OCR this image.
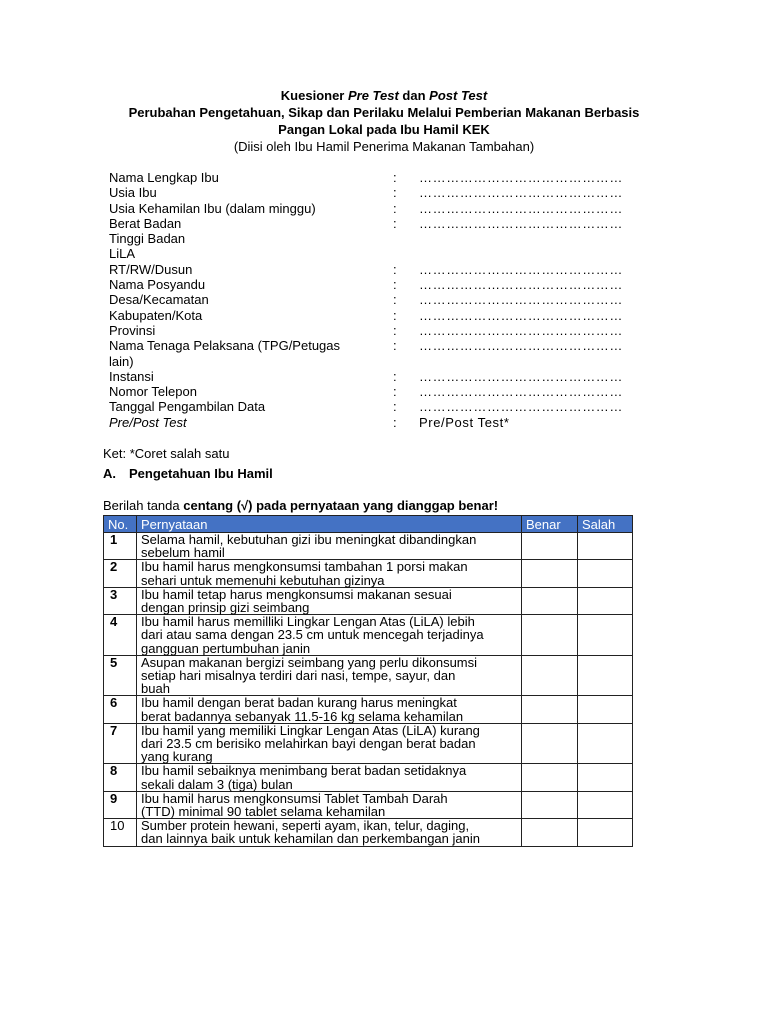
Kuesioner Pre Test dan Post Test
Perubahan Pengetahuan, Sikap dan Perilaku Melalui Pemberian Makanan Berbasis
Pangan Lokal pada Ibu Hamil KEK
(Diisi oleh Ibu Hamil Penerima Makanan Tambahan)
Nama Lengkap Ibu	:	………………………………………
Usia Ibu	:	………………………………………
Usia Kehamilan Ibu (dalam minggu)	:	………………………………………
Berat Badan	:	………………………………………
Tinggi Badan
LiLA
RT/RW/Dusun	:	………………………………………
Nama Posyandu	:	………………………………………
Desa/Kecamatan	:	………………………………………
Kabupaten/Kota	:	………………………………………
Provinsi	:	………………………………………
Nama Tenaga Pelaksana (TPG/Petugas	:	………………………………………
lain)
Instansi	:	………………………………………
Nomor Telepon	:	………………………………………
Tanggal Pengambilan Data	:	………………………………………
Pre/Post Test	:	Pre/Post Test*
Ket: *Coret salah satu
A. Pengetahuan Ibu Hamil
Berilah tanda centang (√) pada pernyataan yang dianggap benar!
No.	Pernyataan	Benar	Salah
1	Selama hamil, kebutuhan gizi ibu meningkat dibandingkan
sebelum hamil		

2	Ibu hamil harus mengkonsumsi tambahan 1 porsi makan
sehari untuk memenuhi kebutuhan gizinya		

3	Ibu hamil tetap harus mengkonsumsi makanan sesuai
dengan prinsip gizi seimbang		

4	Ibu hamil harus memilliki Lingkar Lengan Atas (LiLA) lebih
dari atau sama dengan 23.5 cm untuk mencegah terjadinya
gangguan pertumbuhan janin		

5	Asupan makanan bergizi seimbang yang perlu dikonsumsi
setiap hari misalnya terdiri dari nasi, tempe, sayur, dan
buah		

6	Ibu hamil dengan berat badan kurang harus meningkat
berat badannya sebanyak 11.5-16 kg selama kehamilan		

7	Ibu hamil yang memiliki Lingkar Lengan Atas (LiLA) kurang
dari 23.5 cm berisiko melahirkan bayi dengan berat badan
yang kurang		

8	Ibu hamil sebaiknya menimbang berat badan setidaknya
sekali dalam 3 (tiga) bulan		

9	Ibu hamil harus mengkonsumsi Tablet Tambah Darah
(TTD) minimal 90 tablet selama kehamilan		

10	Sumber protein hewani, seperti ayam, ikan, telur, daging,
dan lainnya baik untuk kehamilan dan perkembangan janin		
